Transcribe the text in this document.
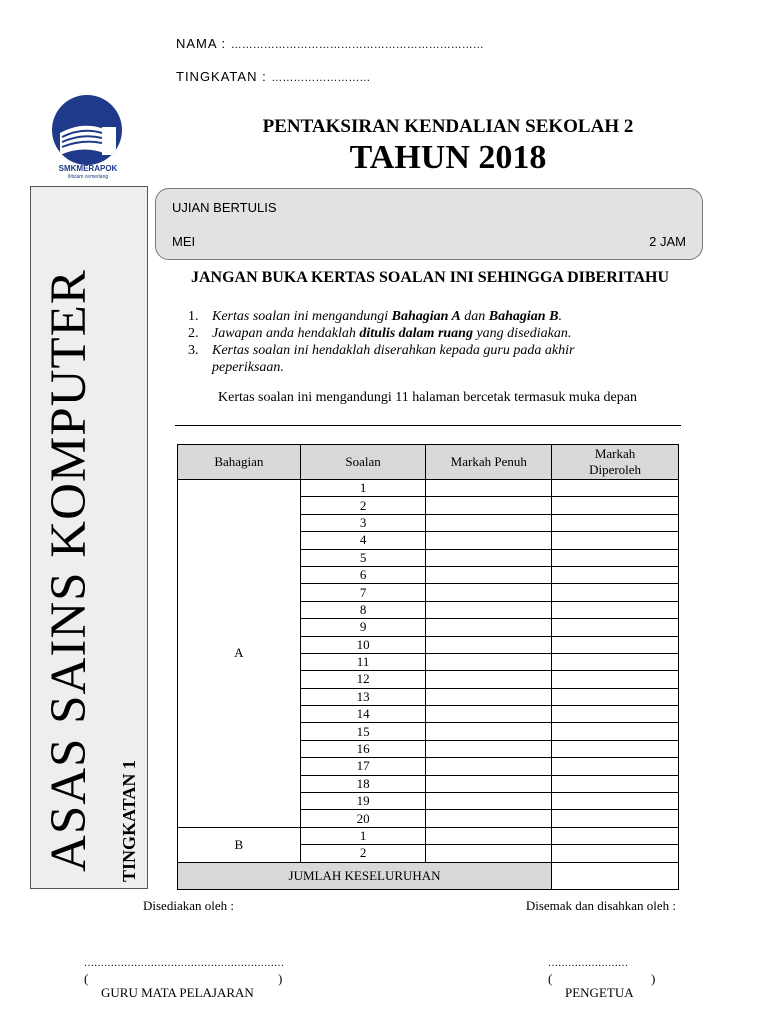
NAMA : ……………………………………………………………
TINGKATAN : ………………………
SMKMERAPOK
Ilitizam cemerlang
ASAS SAINS KOMPUTER TINGKATAN 1
PENTAKSIRAN KENDALIAN SEKOLAH 2
TAHUN 2018
UJIAN BERTULIS
MEI	2 JAM
JANGAN BUKA KERTAS SOALAN INI SEHINGGA DIBERITAHU
1. Kertas soalan ini mengandungi Bahagian A dan Bahagian B.
2. Jawapan anda hendaklah ditulis dalam ruang yang disediakan.
3. Kertas soalan ini hendaklah diserahkan kepada guru pada akhir peperiksaan.
Kertas soalan ini mengandungi 11 halaman bercetak termasuk muka depan
Bahagian	Soalan	Markah Penuh	Markah Diperoleh
A	1		
	2		
	3		
	4		
	5		
	6		
	7		
	8		
	9		
	10		
	11		
	12		
	13		
	14		
	15		
	16		
	17		
	18		
	19		
	20		
B	1		
	2		
JUMLAH KESELURUHAN			
Disediakan oleh :	Disemak dan disahkan oleh :
……………………………………………………
(	)
GURU MATA PELAJARAN
……………………
(	)
PENGETUA
